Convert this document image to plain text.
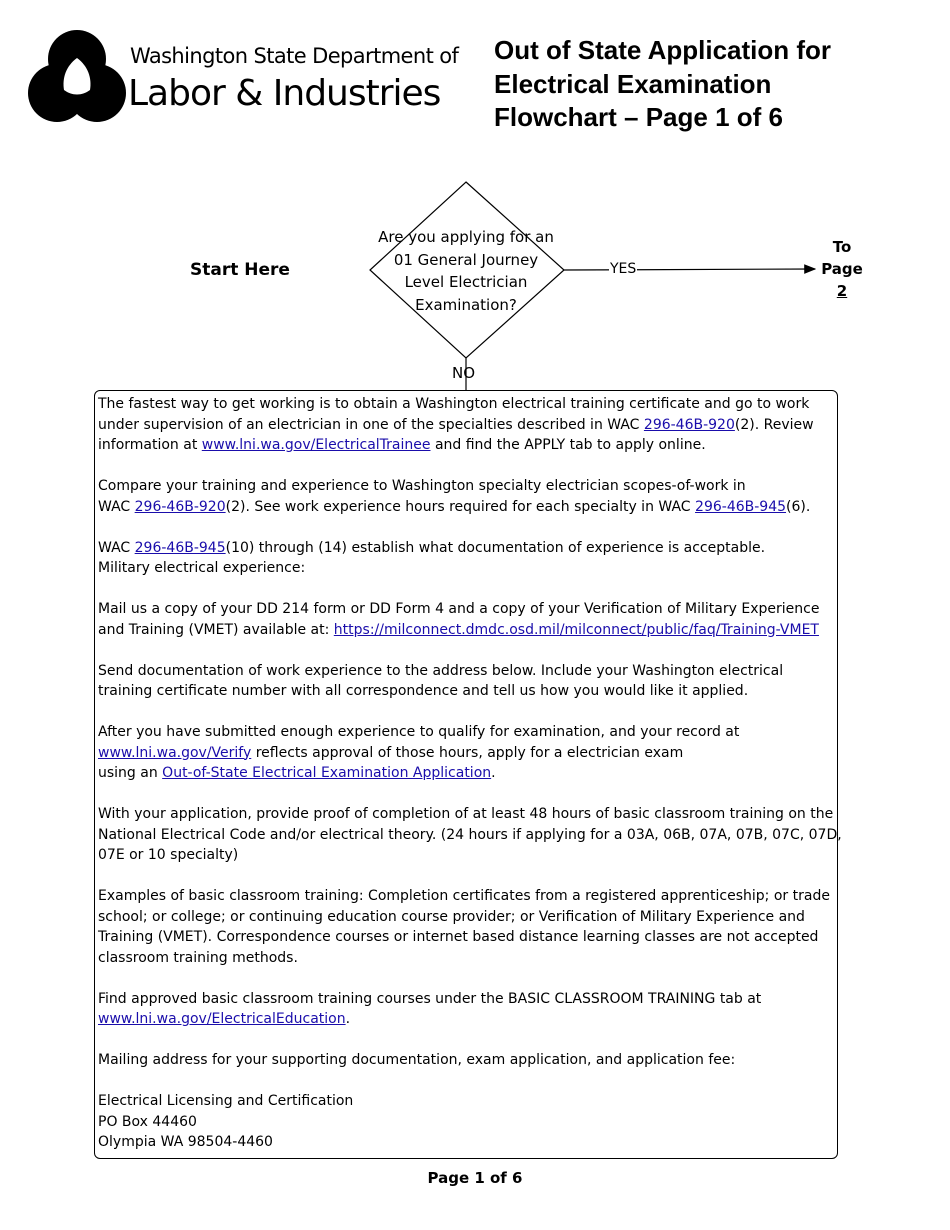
Washington State Department of

Labor & Industries

Out of State Application for
Electrical Examination
Flowchart – Page 1 of 6

Start Here

Are you applying for an
01 General Journey
Level Electrician
Examination?
YES
NO
To
Page
2
The fastest way to get working is to obtain a Washington electrical training certificate and go to work
under supervision of an electrician in one of the specialties described in WAC 296-46B-920(2). Review
information at www.lni.wa.gov/ElectricalTrainee and find the APPLY tab to apply online.
Compare your training and experience to Washington specialty electrician scopes-of-work in
WAC 296-46B-920(2). See work experience hours required for each specialty in WAC 296-46B-945(6).
WAC 296-46B-945(10) through (14) establish what documentation of experience is acceptable.
Military electrical experience:
Mail us a copy of your DD 214 form or DD Form 4 and a copy of your Verification of Military Experience
and Training (VMET) available at: https://milconnect.dmdc.osd.mil/milconnect/public/faq/Training-VMET
Send documentation of work experience to the address below. Include your Washington electrical
training certificate number with all correspondence and tell us how you would like it applied.
After you have submitted enough experience to qualify for examination, and your record at
www.lni.wa.gov/Verify reflects approval of those hours, apply for a electrician exam
using an Out-of-State Electrical Examination Application.
With your application, provide proof of completion of at least 48 hours of basic classroom training on the
National Electrical Code and/or electrical theory. (24 hours if applying for a 03A, 06B, 07A, 07B, 07C, 07D,
07E or 10 specialty)
Examples of basic classroom training: Completion certificates from a registered apprenticeship; or trade
school; or college; or continuing education course provider; or Verification of Military Experience and
Training (VMET). Correspondence courses or internet based distance learning classes are not accepted
classroom training methods.
Find approved basic classroom training courses under the BASIC CLASSROOM TRAINING tab at
www.lni.wa.gov/ElectricalEducation.
Mailing address for your supporting documentation, exam application, and application fee:
Electrical Licensing and Certification
PO Box 44460
Olympia WA 98504-4460

Page 1 of 6
